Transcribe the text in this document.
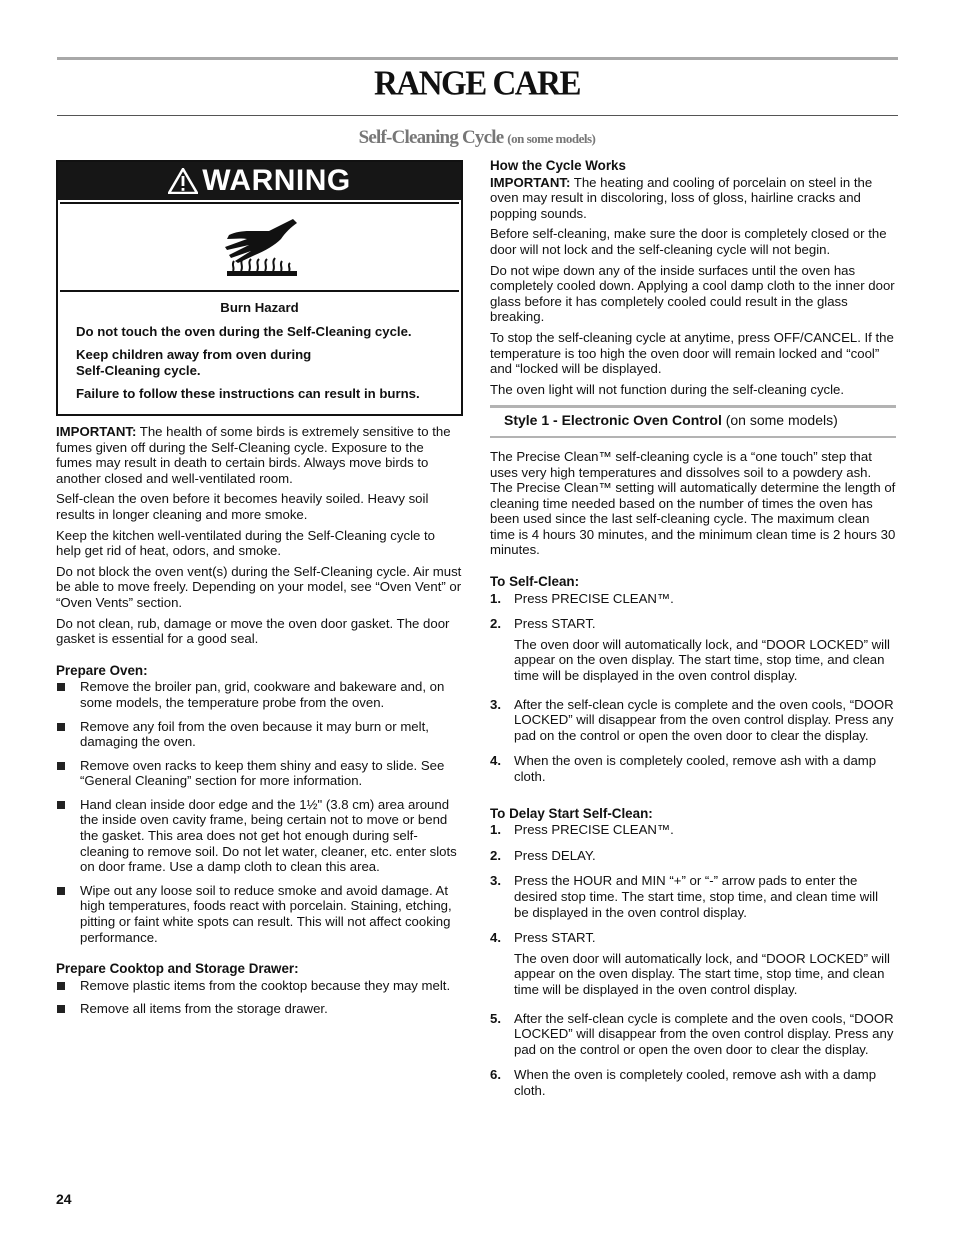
RANGE CARE
Self-Cleaning Cycle (on some models)
WARNING

Burn Hazard

Do not touch the oven during the Self-Cleaning cycle.

Keep children away from oven during Self-Cleaning cycle.

Failure to follow these instructions can result in burns.

IMPORTANT: The health of some birds is extremely sensitive to the fumes given off during the Self-Cleaning cycle. Exposure to the fumes may result in death to certain birds. Always move birds to another closed and well-ventilated room.

Self-clean the oven before it becomes heavily soiled. Heavy soil results in longer cleaning and more smoke.

Keep the kitchen well-ventilated during the Self-Cleaning cycle to help get rid of heat, odors, and smoke.

Do not block the oven vent(s) during the Self-Cleaning cycle. Air must be able to move freely. Depending on your model, see “Oven Vent” or “Oven Vents” section.

Do not clean, rub, damage or move the oven door gasket. The door gasket is essential for a good seal.

Prepare Oven:
Remove the broiler pan, grid, cookware and bakeware and, on some models, the temperature probe from the oven.
Remove any foil from the oven because it may burn or melt, damaging the oven.
Remove oven racks to keep them shiny and easy to slide. See “General Cleaning” section for more information.
Hand clean inside door edge and the 1½" (3.8 cm) area around the inside oven cavity frame, being certain not to move or bend the gasket. This area does not get hot enough during self-cleaning to remove soil. Do not let water, cleaner, etc. enter slots on door frame. Use a damp cloth to clean this area.
Wipe out any loose soil to reduce smoke and avoid damage. At high temperatures, foods react with porcelain. Staining, etching, pitting or faint white spots can result. This will not affect cooking performance.
Prepare Cooktop and Storage Drawer:
Remove plastic items from the cooktop because they may melt.
Remove all items from the storage drawer.
How the Cycle Works

IMPORTANT: The heating and cooling of porcelain on steel in the oven may result in discoloring, loss of gloss, hairline cracks and popping sounds.

Before self-cleaning, make sure the door is completely closed or the door will not lock and the self-cleaning cycle will not begin.

Do not wipe down any of the inside surfaces until the oven has completely cooled down. Applying a cool damp cloth to the inner door glass before it has completely cooled could result in the glass breaking.

To stop the self-cleaning cycle at anytime, press OFF/CANCEL. If the temperature is too high the oven door will remain locked and “cool” and “locked will be displayed.

The oven light will not function during the self-cleaning cycle.

Style 1 - Electronic Oven Control (on some models)

The Precise Clean™ self-cleaning cycle is a “one touch” step that uses very high temperatures and dissolves soil to a powdery ash. The Precise Clean™ setting will automatically determine the length of cleaning time needed based on the number of times the oven has been used since the last self-cleaning cycle. The maximum clean time is 4 hours 30 minutes, and the minimum clean time is 2 hours 30 minutes.

To Self-Clean:
1. Press PRECISE CLEAN™.

2. Press START.

The oven door will automatically lock, and “DOOR LOCKED” will appear on the oven display. The start time, stop time, and clean time will be displayed in the oven control display.

3. After the self-clean cycle is complete and the oven cools, “DOOR LOCKED” will disappear from the oven control display. Press any pad on the control or open the oven door to clear the display.

4. When the oven is completely cooled, remove ash with a damp cloth.

To Delay Start Self-Clean:
1. Press PRECISE CLEAN™.

2. Press DELAY.

3. Press the HOUR and MIN “+” or “-” arrow pads to enter the desired stop time. The start time, stop time, and clean time will be displayed in the oven control display.

4. Press START.

The oven door will automatically lock, and “DOOR LOCKED” will appear on the oven display. The start time, stop time, and clean time will be displayed in the oven control display.

5. After the self-clean cycle is complete and the oven cools, “DOOR LOCKED” will disappear from the oven control display. Press any pad on the control or open the oven door to clear the display.

6. When the oven is completely cooled, remove ash with a damp cloth.

24
